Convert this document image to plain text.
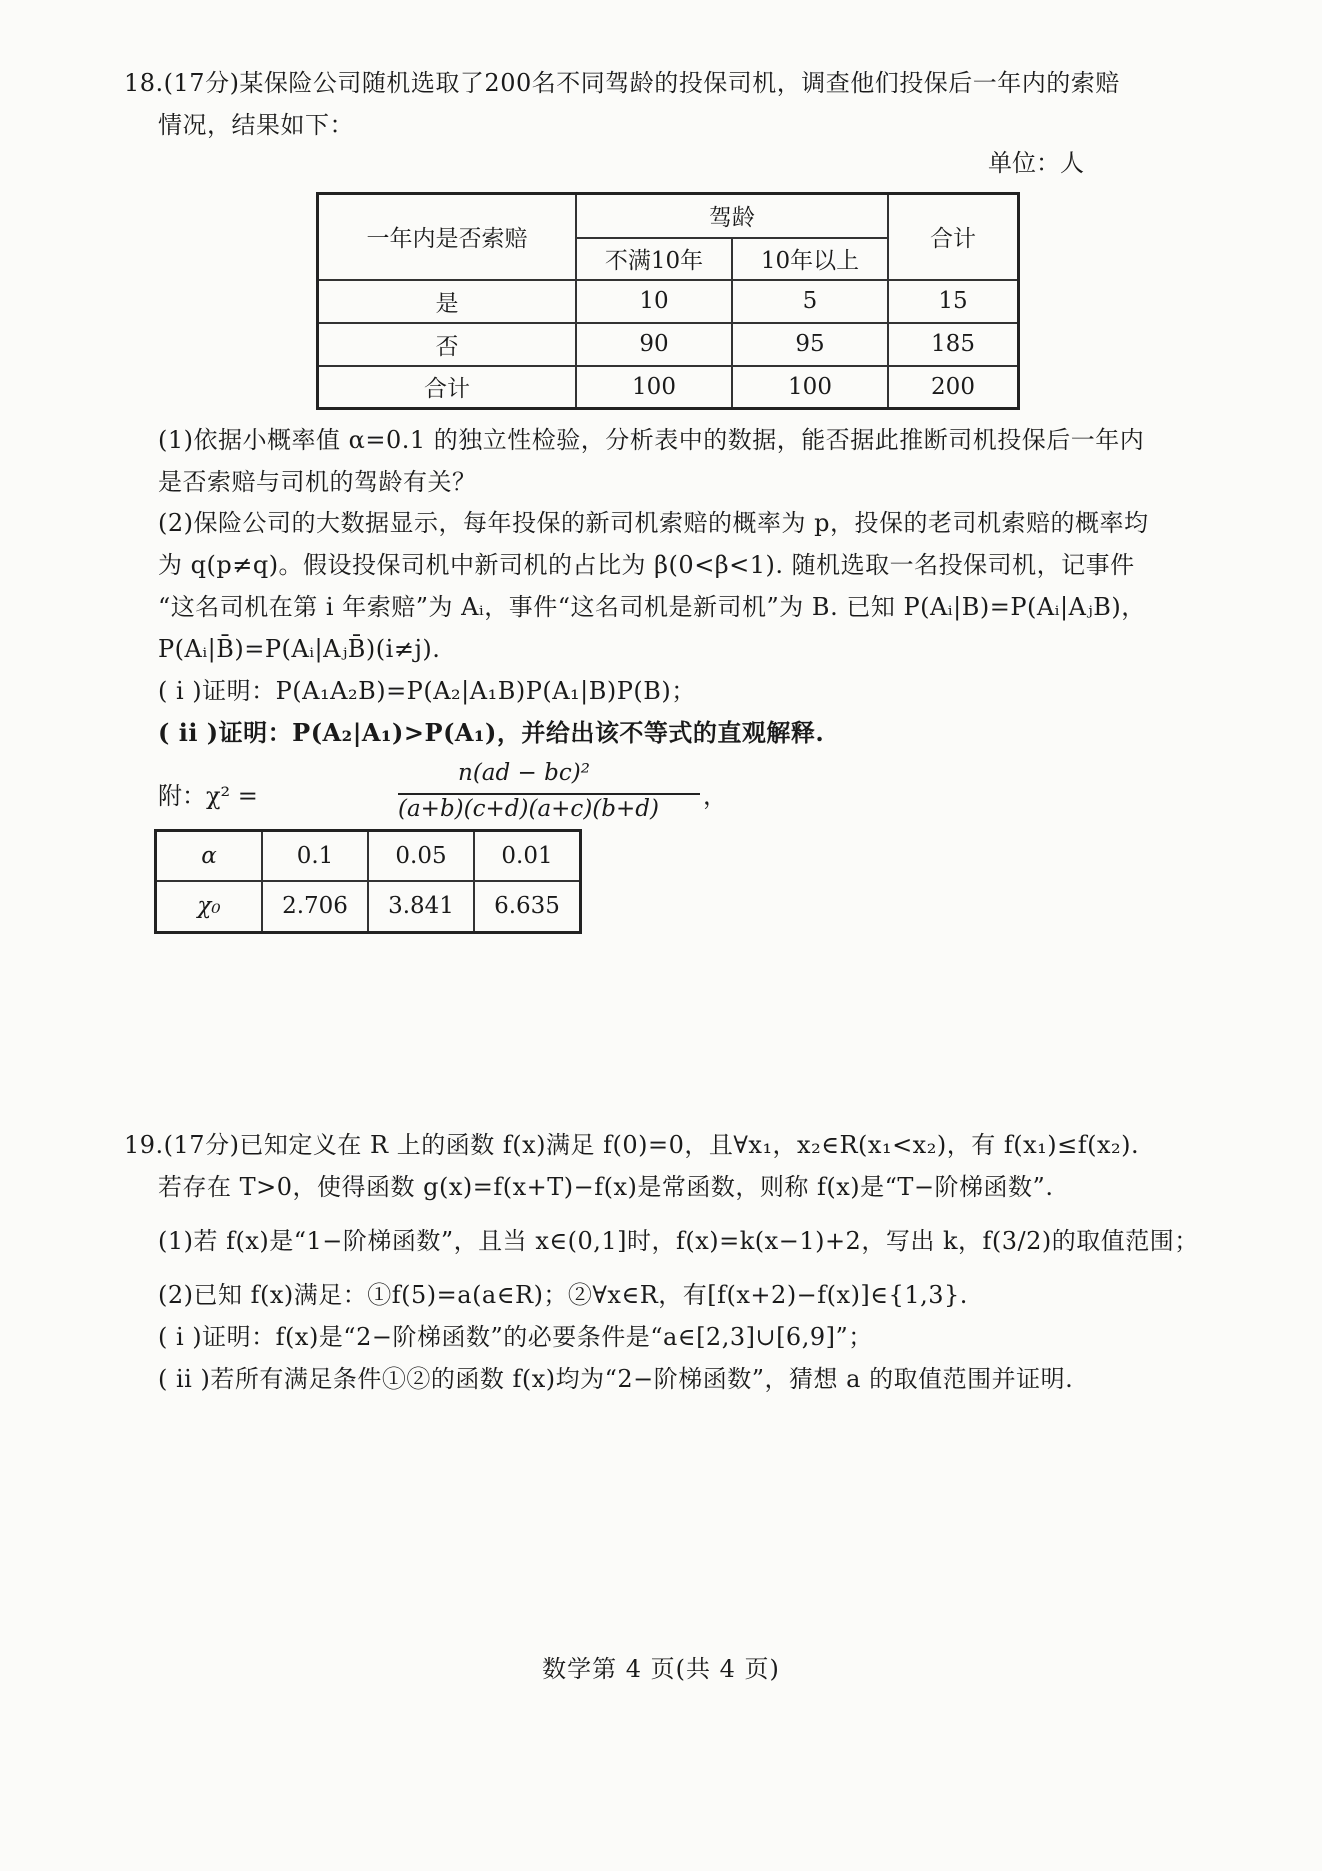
18.(17分)某保险公司随机选取了200名不同驾龄的投保司机，调查他们投保后一年内的索赔
情况，结果如下：
单位：人
一年内是否索赔	驾龄		合计
	不满10年	10年以上	
是	10	5	15
否	90	95	185
合计	100	100	200
(1)依据小概率值 α=0.1 的独立性检验，分析表中的数据，能否据此推断司机投保后一年内
是否索赔与司机的驾龄有关？
(2)保险公司的大数据显示，每年投保的新司机索赔的概率为 p，投保的老司机索赔的概率均
为 q(p≠q)。假设投保司机中新司机的占比为 β(0<β<1). 随机选取一名投保司机，记事件
“这名司机在第 i 年索赔”为 Aᵢ，事件“这名司机是新司机”为 B. 已知 P(Aᵢ|B)=P(Aᵢ|AⱼB)，
P(Aᵢ|B̄)=P(Aᵢ|AⱼB̄)(i≠j).
( i )证明：P(A₁A₂B)=P(A₂|A₁B)P(A₁|B)P(B)；
( ii )证明：P(A₂|A₁)>P(A₁)，并给出该不等式的直观解释.
附：χ² =
n(ad − bc)²
(a+b)(c+d)(a+c)(b+d) ，
α	0.1	0.05	0.01
χ₀	2.706	3.841	6.635
19.(17分)已知定义在 R 上的函数 f(x)满足 f(0)=0，且∀x₁，x₂∈R(x₁<x₂)，有 f(x₁)≤f(x₂).
若存在 T>0，使得函数 g(x)=f(x+T)−f(x)是常函数，则称 f(x)是“T−阶梯函数”.
(1)若 f(x)是“1−阶梯函数”，且当 x∈(0,1]时，f(x)=k(x−1)+2，写出 k，f(3/2)的取值范围；
(2)已知 f(x)满足：①f(5)=a(a∈R)；②∀x∈R，有[f(x+2)−f(x)]∈{1,3}.
( i )证明：f(x)是“2−阶梯函数”的必要条件是“a∈[2,3]∪[6,9]”；
( ii )若所有满足条件①②的函数 f(x)均为“2−阶梯函数”，猜想 a 的取值范围并证明.
数学第 4 页(共 4 页)
